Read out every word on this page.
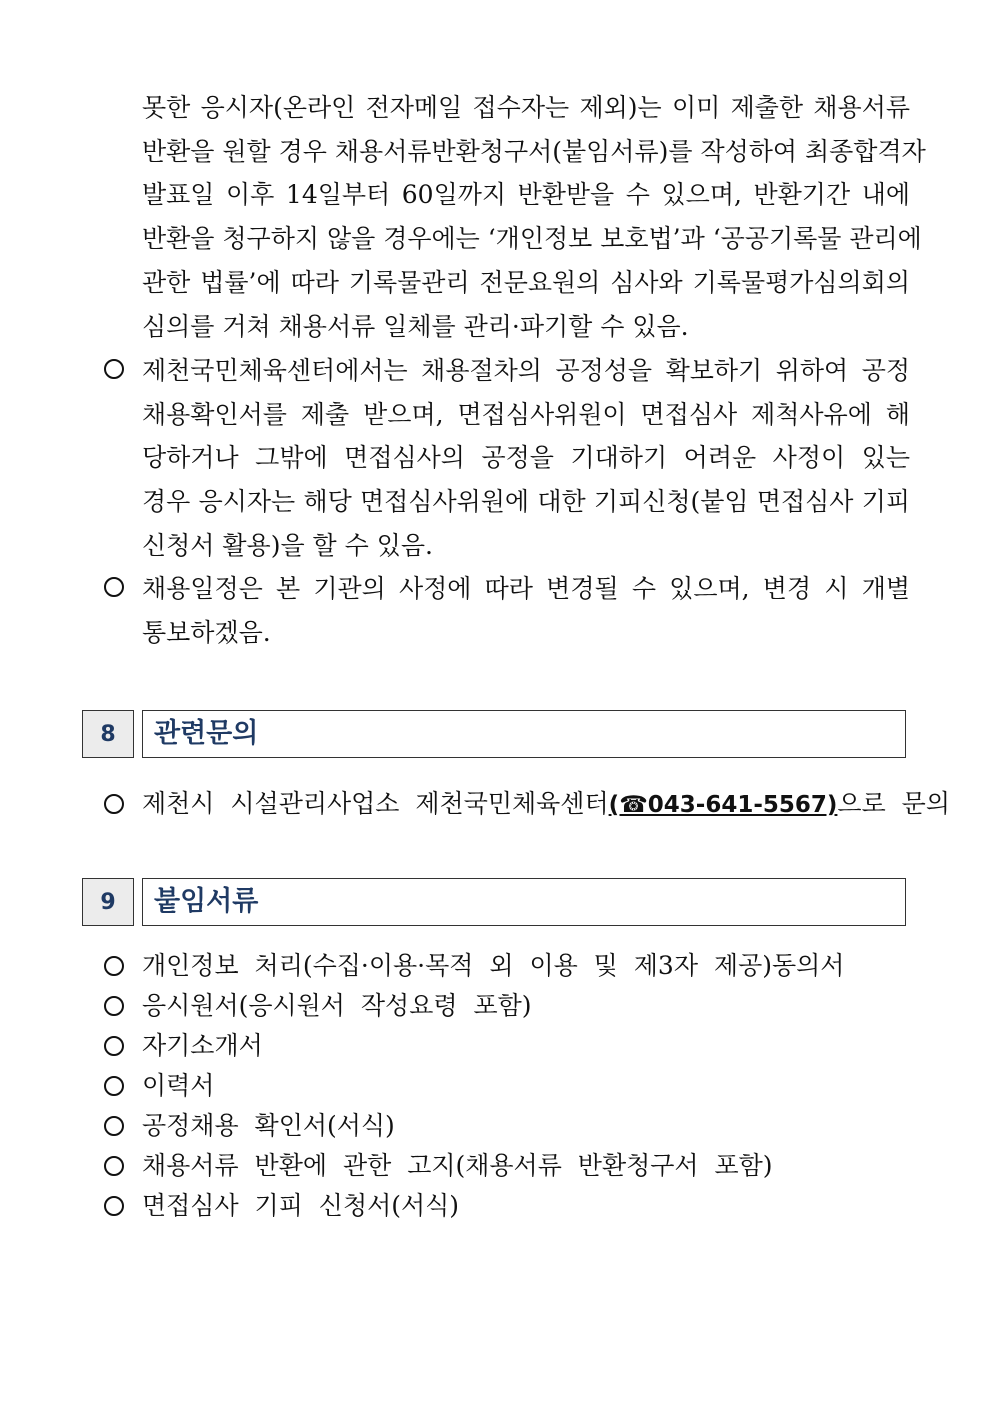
못한 응시자(온라인 전자메일 접수자는 제외)는 이미 제출한 채용서류
반환을 원할 경우 채용서류반환청구서(붙임서류)를 작성하여 최종합격자
발표일 이후 14일부터 60일까지 반환받을 수 있으며, 반환기간 내에
반환을 청구하지 않을 경우에는 ‘개인정보 보호법’과 ‘공공기록물 관리에
관한 법률’에 따라 기록물관리 전문요원의 심사와 기록물평가심의회의
심의를 거쳐 채용서류 일체를 관리·파기할 수 있음.
제천국민체육센터에서는 채용절차의 공정성을 확보하기 위하여 공정
채용확인서를 제출 받으며, 면접심사위원이 면접심사 제척사유에 해
당하거나 그밖에 면접심사의 공정을 기대하기 어려운 사정이 있는
경우 응시자는 해당 면접심사위원에 대한 기피신청(붙임 면접심사 기피
신청서 활용)을 할 수 있음.
채용일정은 본 기관의 사정에 따라 변경될 수 있으며, 변경 시 개별
통보하겠음.
8	관련문의
제천시 시설관리사업소 제천국민체육센터(☎043-641-5567)으로 문의
9	붙임서류
개인정보 처리(수집·이용·목적 외 이용 및 제3자 제공)동의서
응시원서(응시원서 작성요령 포함)
자기소개서
이력서
공정채용 확인서(서식)
채용서류 반환에 관한 고지(채용서류 반환청구서 포함)
면접심사 기피 신청서(서식)
